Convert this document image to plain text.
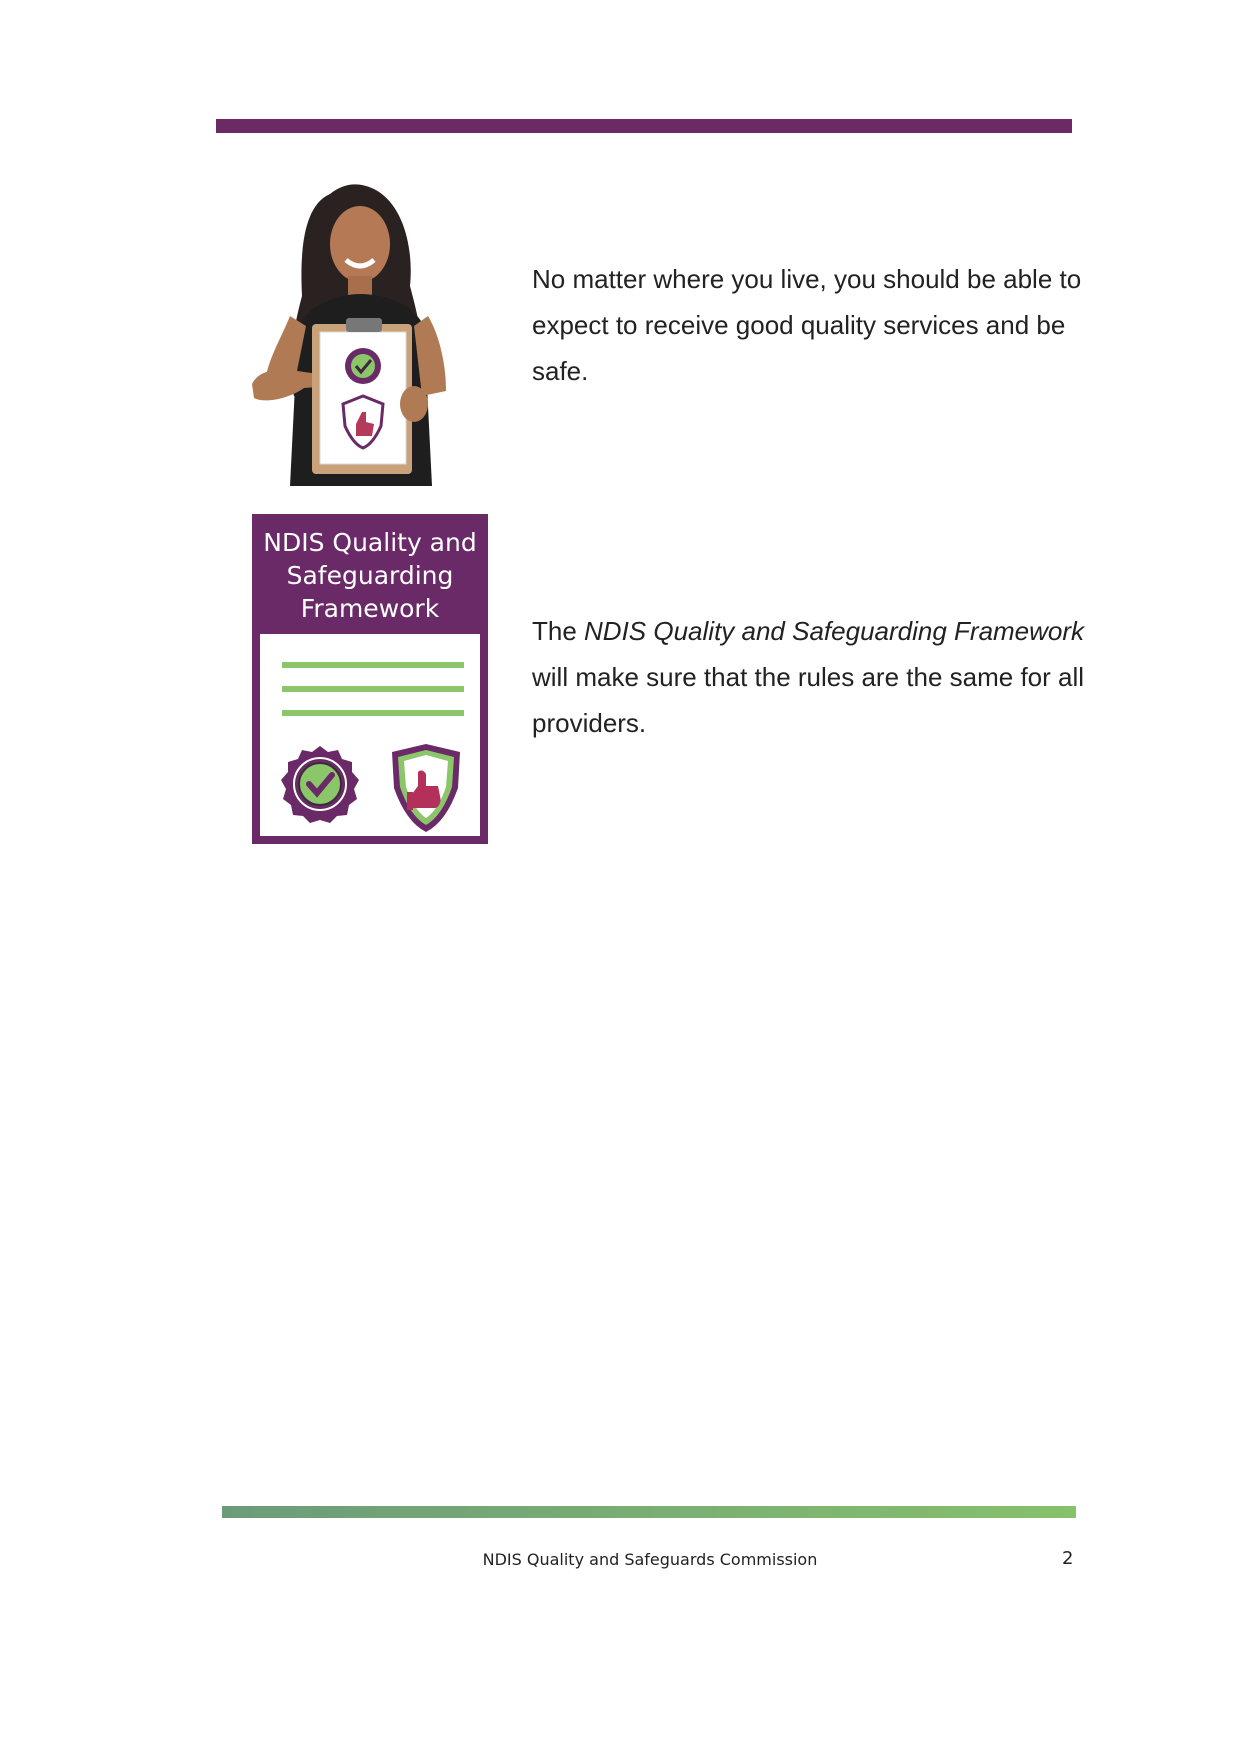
NDIS Quality and Safeguarding Framework

No matter where you live, you should be able to expect to receive good quality services and be safe.

The NDIS Quality and Safeguarding Framework will make sure that the rules are the same for all providers.

NDIS Quality and Safeguards Commission	2
